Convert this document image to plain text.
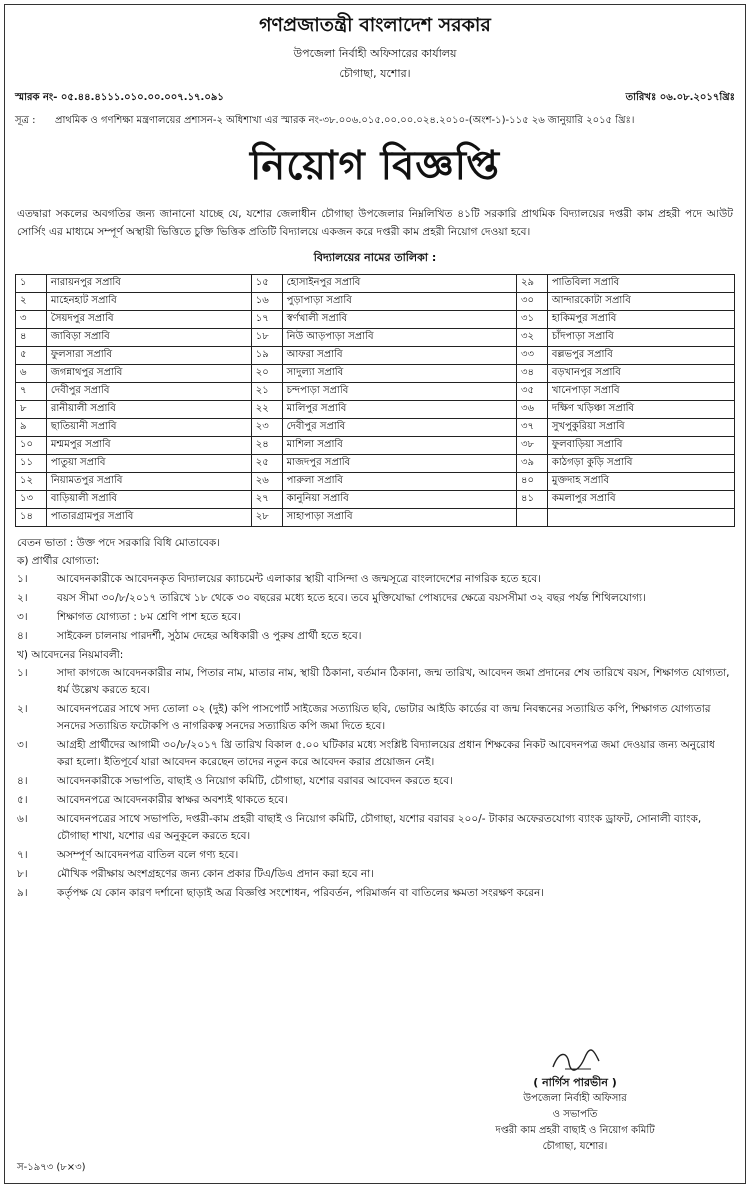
গণপ্রজাতন্ত্রী বাংলাদেশ সরকার
উপজেলা নির্বাহী অফিসারের কার্যালয়
চৌগাছা, যশোর।
স্মারক নং- ০৫.৪৪.৪১১১.০১০.০০.০০৭.১৭.০৯১	তারিখঃ ০৬.০৮.২০১৭খ্রিঃ
সূত্র :	প্রাথমিক ও গণশিক্ষা মন্ত্রণালয়ের প্রশাসন-২ অধিশাখা এর স্মারক নং-৩৮.০০৬.০১৫.০০.০০.০২৪.২০১০-(অংশ-১)-১১৫ ২৬ জানুয়ারি ২০১৫ খ্রিঃ।
নিয়োগ বিজ্ঞপ্তি
এতদ্বারা সকলের অবগতির জন্য জানানো যাচ্ছে যে, যশোর জেলাধীন চৌগাছা উপজেলার নিম্নলিখিত ৪১টি সরকারি প্রাথমিক বিদ্যালয়ের দপ্তরী কাম প্রহরী পদে আউট সোর্সিং এর মাধ্যমে সম্পূর্ণ অস্থায়ী ভিত্তিতে চুক্তি ভিত্তিক প্রতিটি বিদ্যালয়ে একজন করে দপ্তরী কাম প্রহরী নিয়োগ দেওয়া হবে।
বিদ্যালয়ের নামের তালিকা :
১	নারায়নপুর সপ্রাবি	১৫	হোসাইনপুর সপ্রাবি	২৯	পাতিবিলা সপ্রাবি
২	মাহেনহাট সপ্রাবি	১৬	পুড়াপাড়া সপ্রাবি	৩০	আন্দারকোটা সপ্রাবি
৩	সৈয়দপুর সপ্রাবি	১৭	স্বর্ণখালী সপ্রাবি	৩১	হাকিমপুর সপ্রাবি
৪	জাবিড়া সপ্রাবি	১৮	নিউ আড়পাড়া সপ্রাবি	৩২	চাঁদপাড়া সপ্রাবি
৫	ফুলসারা সপ্রাবি	১৯	আফরা সপ্রাবি	৩৩	বল্লভপুর সপ্রাবি
৬	জগন্নাথপুর সপ্রাবি	২০	সাদুল্যা সপ্রাবি	৩৪	বড়খানপুর সপ্রাবি
৭	দেবীপুর সপ্রাবি	২১	চন্দপাড়া সপ্রাবি	৩৫	খানেপাড়া সপ্রাবি
৮	রানীয়ালী সপ্রাবি	২২	মালিপুর সপ্রাবি	৩৬	দক্ষিণ খড়িঞ্চা সপ্রাবি
৯	ছাতিয়ানী সপ্রাবি	২৩	দেবীপুর সপ্রাবি	৩৭	সুখপুকুরিয়া সপ্রাবি
১০	মশ্মমপুর সপ্রাবি	২৪	মাশিলা সপ্রাবি	৩৮	ফুলবাড়িয়া সপ্রাবি
১১	পাতুয়া সপ্রাবি	২৫	মাজদপুর সপ্রাবি	৩৯	কাঠগড়া কুড়ি সপ্রাবি
১২	নিয়ামতপুর সপ্রাবি	২৬	পারুলা সপ্রাবি	৪০	মুক্তদাহ সপ্রাবি
১৩	বাড়িয়ালী সপ্রাবি	২৭	কানুনিয়া সপ্রাবি	৪১	কমলাপুর সপ্রাবি
১৪	পাতারগ্রামপুর সপ্রাবি	২৮	সাহাপাড়া সপ্রাবি		
বেতন ভাতা : উক্ত পদে সরকারি বিধি মোতাবেক।
ক) প্রার্থীর যোগ্যতা:
১।	আবেদনকারীকে আবেদনকৃত বিদ্যালয়ের ক্যাচমেন্ট এলাকার স্থায়ী বাসিন্দা ও জন্মসূত্রে বাংলাদেশের নাগরিক হতে হবে।
২।	বয়স সীমা ৩০/৮/২০১৭ তারিখে ১৮ থেকে ৩০ বছরের মধ্যে হতে হবে। তবে মুক্তিযোদ্ধা পোষ্যদের ক্ষেত্রে বয়সসীমা ৩২ বছর পর্যন্ত শিথিলযোগ্য।
৩।	শিক্ষাগত যোগ্যতা : ৮ম শ্রেণি পাশ হতে হবে।
৪।	সাইকেল চালনায় পারদর্শী, সুঠাম দেহের অধিকারী ও পুরুষ প্রার্থী হতে হবে।
খ) আবেদনের নিয়মাবলী:
১।	সাদা কাগজে আবেদনকারীর নাম, পিতার নাম, মাতার নাম, স্থায়ী ঠিকানা, বর্তমান ঠিকানা, জন্ম তারিখ, আবেদন জমা প্রদানের শেষ তারিখে বয়স, শিক্ষাগত যোগ্যতা, ধর্ম উল্লেখ করতে হবে।
২।	আবেদনপত্রের সাথে সদ্য তোলা ০২ (দুই) কপি পাসপোর্ট সাইজের সত্যায়িত ছবি, ভোটার আইডি কার্ডের বা জন্ম নিবন্ধনের সত্যায়িত কপি, শিক্ষাগত যোগ্যতার সনদের সত্যায়িত ফটোকপি ও নাগরিকত্ব সনদের সত্যায়িত কপি জমা দিতে হবে।
৩।	আগ্রহী প্রার্থীদের আগামী ৩০/৮/২০১৭ খ্রি তারিখ বিকাল ৫.০০ ঘটিকার মধ্যে সংশ্লিষ্ট বিদ্যালয়ের প্রধান শিক্ষকের নিকট আবেদনপত্র জমা দেওয়ার জন্য অনুরোধ করা হলো। ইতিপূর্বে যারা আবেদন করেছেন তাদের নতুন করে আবেদন করার প্রয়োজন নেই।
৪।	আবেদনকারীকে সভাপতি, বাছাই ও নিয়োগ কমিটি, চৌগাছা, যশোর বরাবর আবেদন করতে হবে।
৫।	আবেদনপত্রে আবেদনকারীর স্বাক্ষর অবশ্যই থাকতে হবে।
৬।	আবেদনপত্রের সাথে সভাপতি, দপ্তরী-কাম প্রহরী বাছাই ও নিয়োগ কমিটি, চৌগাছা, যশোর বরাবর ২০০/- টাকার অফেরতযোগ্য ব্যাংক ড্রাফট, সোনালী ব্যাংক, চৌগাছা শাখা, যশোর এর অনুকূলে করতে হবে।
৭।	অসম্পূর্ণ আবেদনপত্র বাতিল বলে গণ্য হবে।
৮।	মৌখিক পরীক্ষায় অংশগ্রহণের জন্য কোন প্রকার টিএ/ডিএ প্রদান করা হবে না।
৯।	কর্তৃপক্ষ যে কোন কারণ দর্শানো ছাড়াই অত্র বিজ্ঞপ্তি সংশোধন, পরিবর্তন, পরিমার্জন বা বাতিলের ক্ষমতা সংরক্ষণ করেন।
( নার্গিস পারভীন )
উপজেলা নির্বাহী অফিসার
ও সভাপতি
দপ্তরী কাম প্রহরী বাছাই ও নিয়োগ কমিটি
চৌগাছা, যশোর।
স-১৯৭৩ (৮×৩)
